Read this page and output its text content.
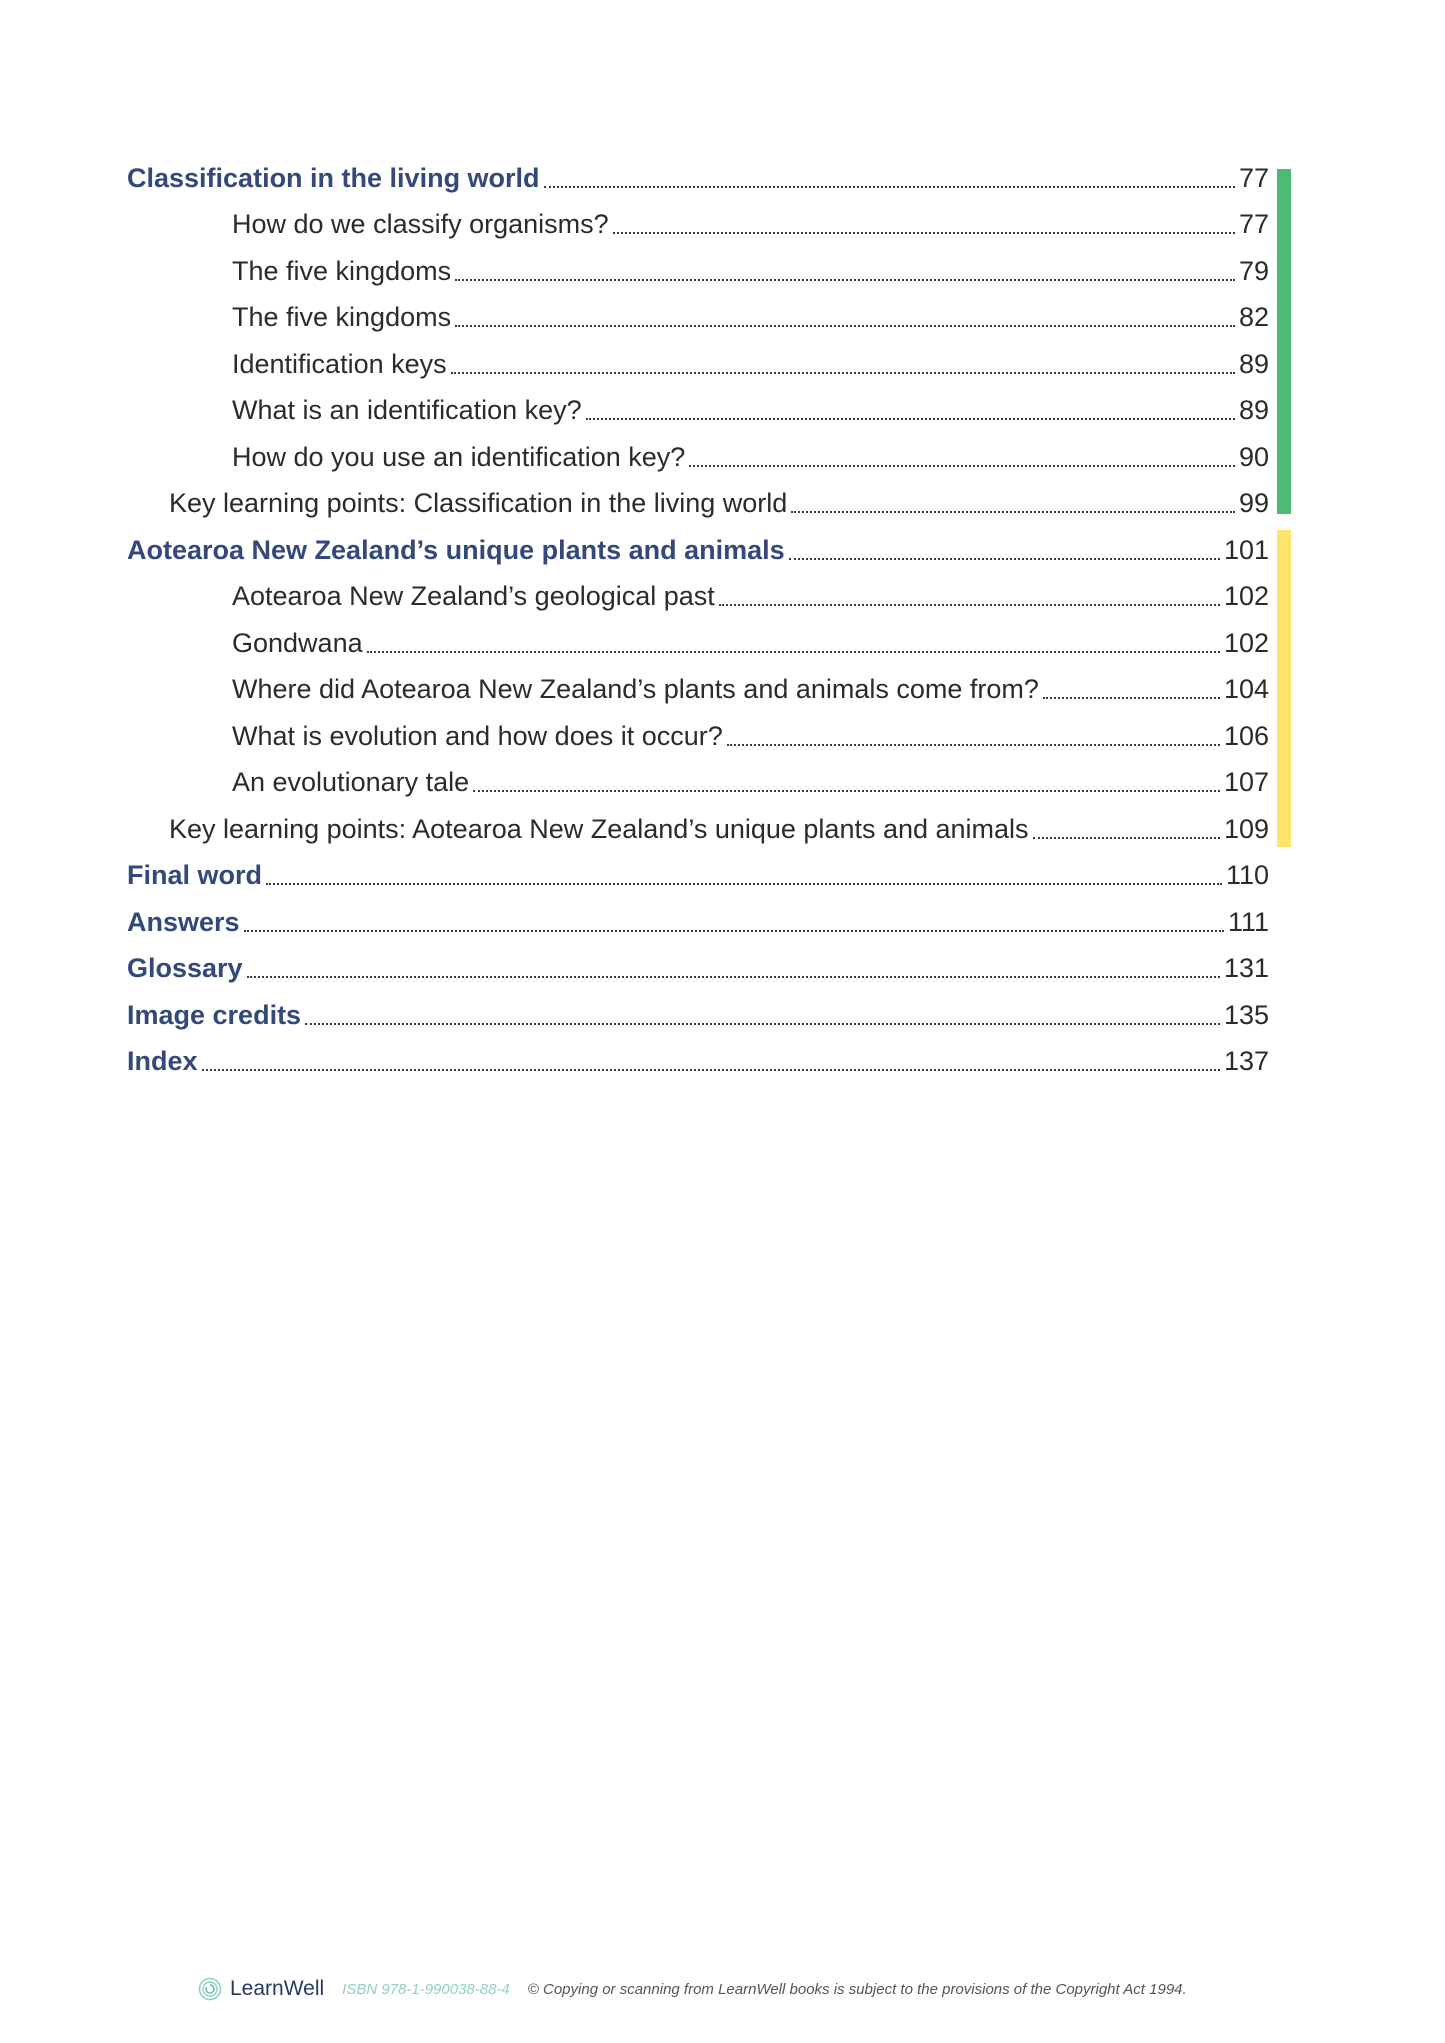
Classification in the living world	77
How do we classify organisms?	77
The five kingdoms	79
The five kingdoms	82
Identification keys	89
What is an identification key?	89
How do you use an identification key?	90
Key learning points: Classification in the living world	99
Aotearoa New Zealand’s unique plants and animals	101
Aotearoa New Zealand’s geological past	102
Gondwana	102
Where did Aotearoa New Zealand’s plants and animals come from?	104
What is evolution and how does it occur?	106
An evolutionary tale	107
Key learning points: Aotearoa New Zealand’s unique plants and animals	109
Final word	110
Answers	111
Glossary	131
Image credits	135
Index	137
LearnWell ISBN 978-1-990038-88-4 © Copying or scanning from LearnWell books is subject to the provisions of the Copyright Act 1994.
